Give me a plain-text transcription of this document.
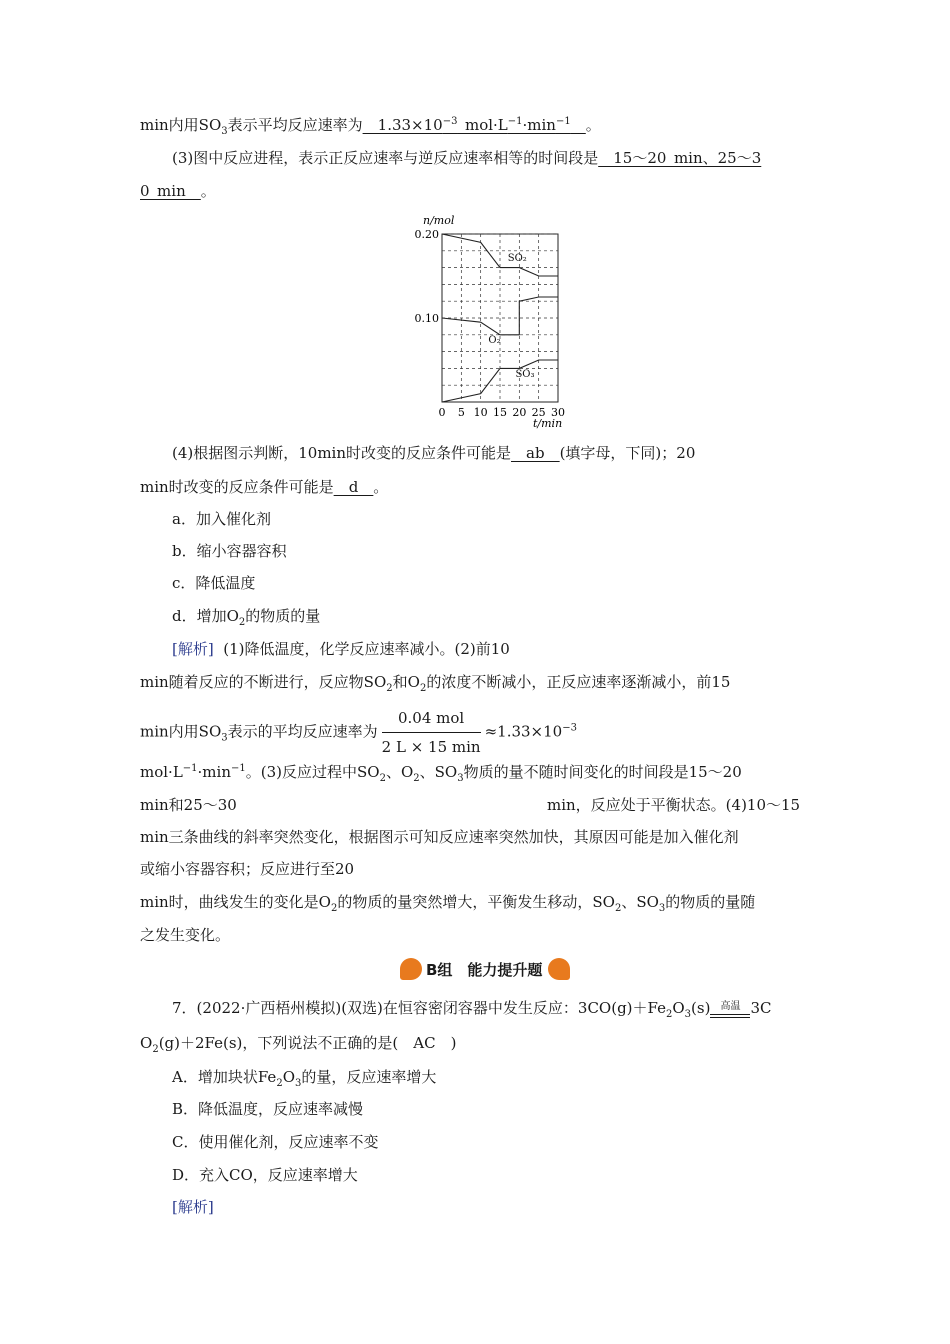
min内用$SO_3$表示平均反应速率为$\_\_1.33\times 10^{-3}\_mol\cdot L^{-1}\cdot\min^{-1}\_\_$。
(3)图中反应进程，表示正反应速率与逆反应速率相等的时间段是__15～20_min、25～3
0_min__。
SO₂
O₂
SO₃
0 5 10 15 20 25 30
0.20
0.10
n/mol
t/min
(4)根据图示判断，10min时改变的反应条件可能是__ab__(填字母，下同)；20
min时改变的反应条件可能是__d__。
a．加入催化剂
b．缩小容器容积
c．降低温度
d．增加$O_2$的物质的量
[解析] (1)降低温度，化学反应速率减小。(2)前10
min随着反应的不断进行，反应物$SO_2$和$O_2$的浓度不断减小，正反应速率逐渐减小，前15
min内用$SO_3$表示的平均反应速率为 $\frac{\text{0.04 mol}}{2 L \times 15 \min} \approx 1.33\times 10^{-3}$
$mol\cdot L^{-1}\cdot\min^{-1}$。(3)反应过程中$SO_2$、$O_2$、$SO_3$物质的量不随时间变化的时间段是15～20
min和25～30	min，反应处于平衡状态。(4)10～15
min三条曲线的斜率突然变化，根据图示可知反应速率突然加快，其原因可能是加入催化剂
或缩小容器容积；反应进行至20
min时，曲线发生的变化是$O_2$的物质的量突然增大，平衡发生移动，$SO_2$、$SO_3$的物质的量随
之发生变化。
B组　能力提升题
7．(2022·广西梧州模拟)(双选)在恒容密闭容器中发生反应：$3CO(g)+Fe_2O_3(s)$	高温 3C
$O_2(g)+2Fe(s)$，下列说法不正确的是(　AC　)
A．增加块状$Fe_2O_3$的量，反应速率增大
B．降低温度，反应速率减慢
C．使用催化剂，反应速率不变
D．充入CO，反应速率增大
[解析]
